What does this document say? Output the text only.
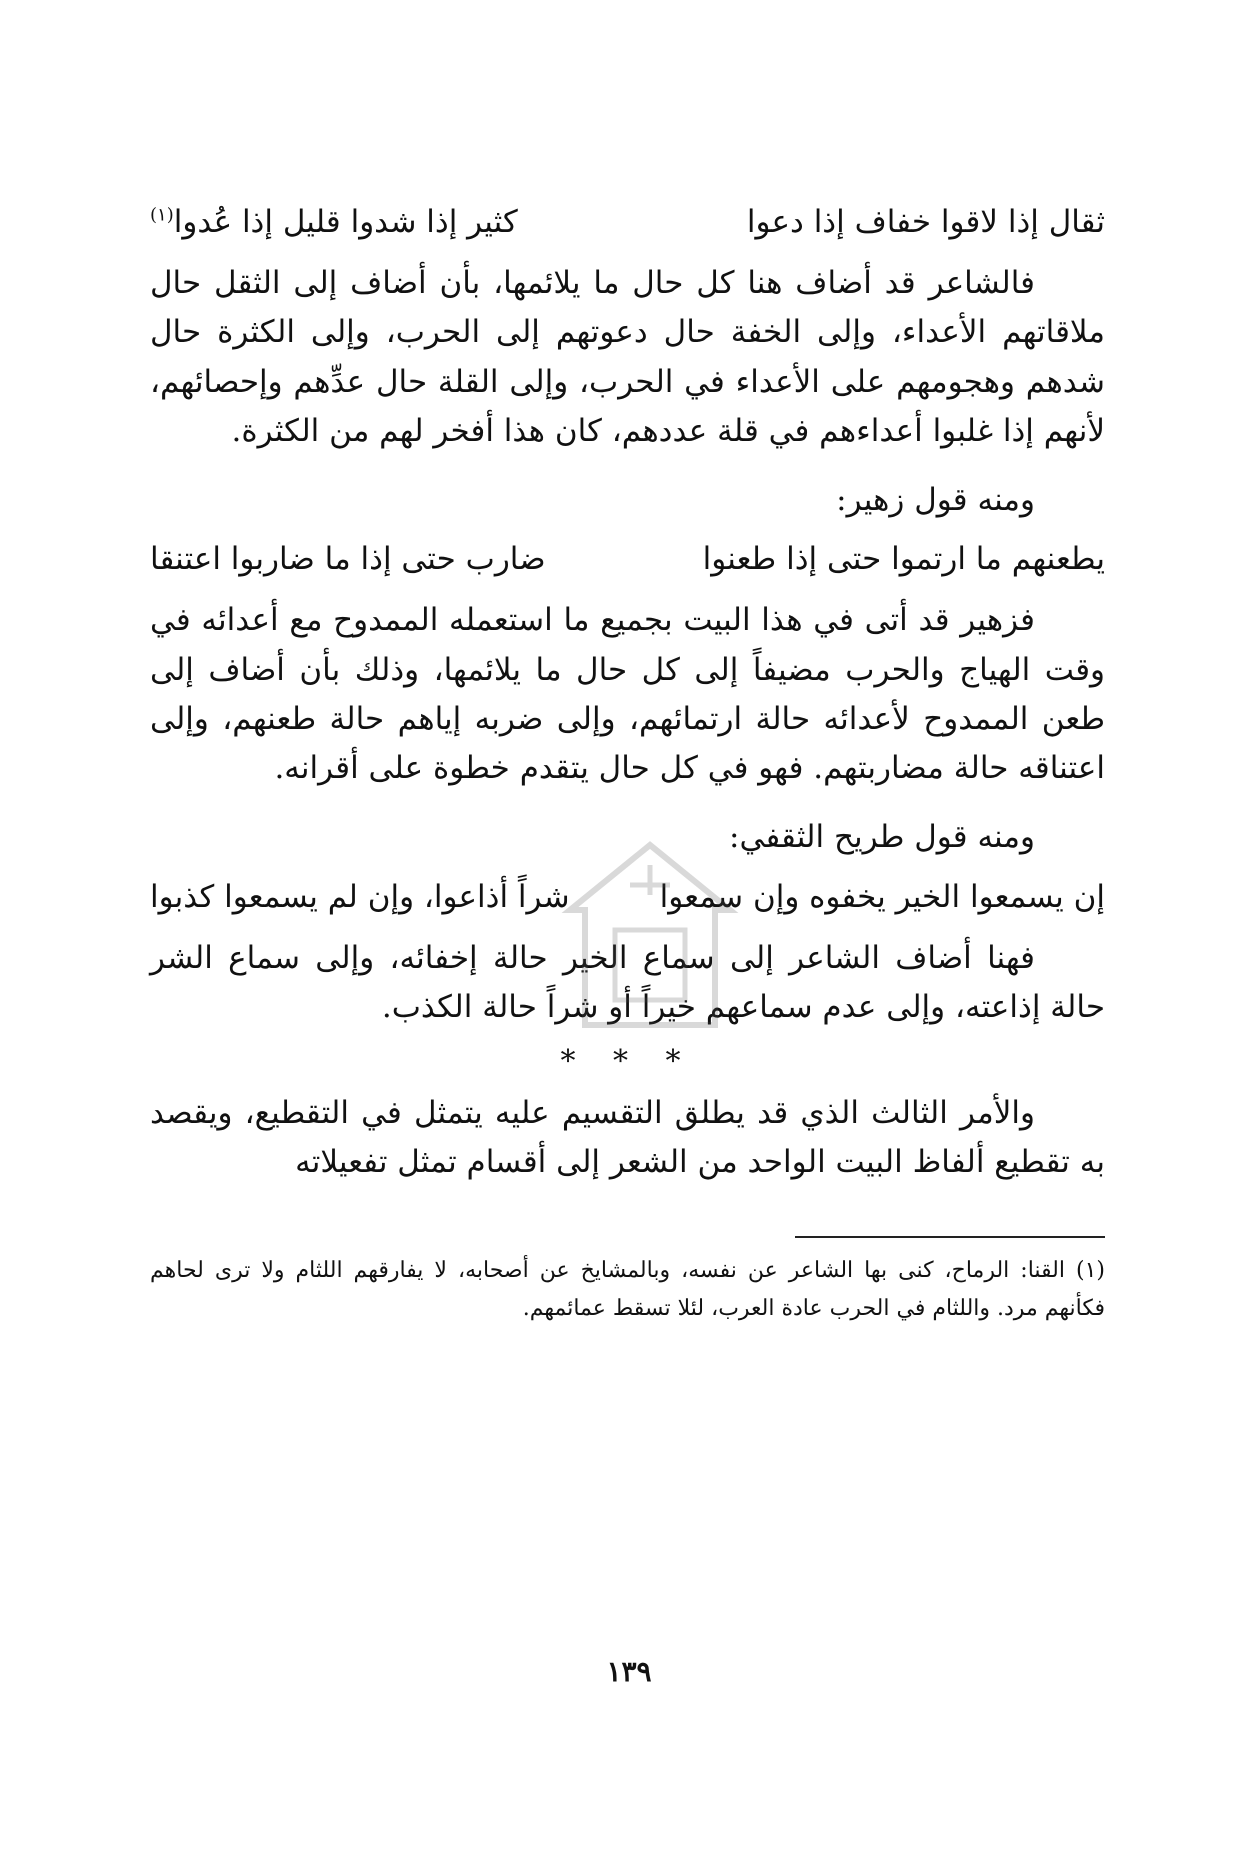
ثقال إذا لاقوا خفاف إذا دعوا
كثير إذا شدوا قليل إذا عُدوا$^{(١)}$

فالشاعر قد أضاف هنا كل حال ما يلائمها، بأن أضاف إلى الثقل حال ملاقاتهم الأعداء، وإلى الخفة حال دعوتهم إلى الحرب، وإلى الكثرة حال شدهم وهجومهم على الأعداء في الحرب، وإلى القلة حال عدِّهم وإحصائهم، لأنهم إذا غلبوا أعداءهم في قلة عددهم، كان هذا أفخر لهم من الكثرة.

ومنه قول زهير:
يطعنهم ما ارتموا حتى إذا طعنوا
ضارب حتى إذا ما ضاربوا اعتنقا

فزهير قد أتى في هذا البيت بجميع ما استعمله الممدوح مع أعدائه في وقت الهياج والحرب مضيفاً إلى كل حال ما يلائمها، وذلك بأن أضاف إلى طعن الممدوح لأعدائه حالة ارتمائهم، وإلى ضربه إياهم حالة طعنهم، وإلى اعتناقه حالة مضاربتهم. فهو في كل حال يتقدم خطوة على أقرانه.

ومنه قول طريح الثقفي:
إن يسمعوا الخير يخفوه وإن سمعوا
شراً أذاعوا، وإن لم يسمعوا كذبوا

فهنا أضاف الشاعر إلى سماع الخير حالة إخفائه، وإلى سماع الشر حالة إذاعته، وإلى عدم سماعهم خيراً أو شراً حالة الكذب.

* * *

والأمر الثالث الذي قد يطلق التقسيم عليه يتمثل في التقطيع، ويقصد به تقطيع ألفاظ البيت الواحد من الشعر إلى أقسام تمثل تفعيلاته

(١) القنا: الرماح، كنى بها الشاعر عن نفسه، وبالمشايخ عن أصحابه، لا يفارقهم اللثام ولا ترى لحاهم فكأنهم مرد. واللثام في الحرب عادة العرب، لئلا تسقط عمائمهم.

١٣٩
